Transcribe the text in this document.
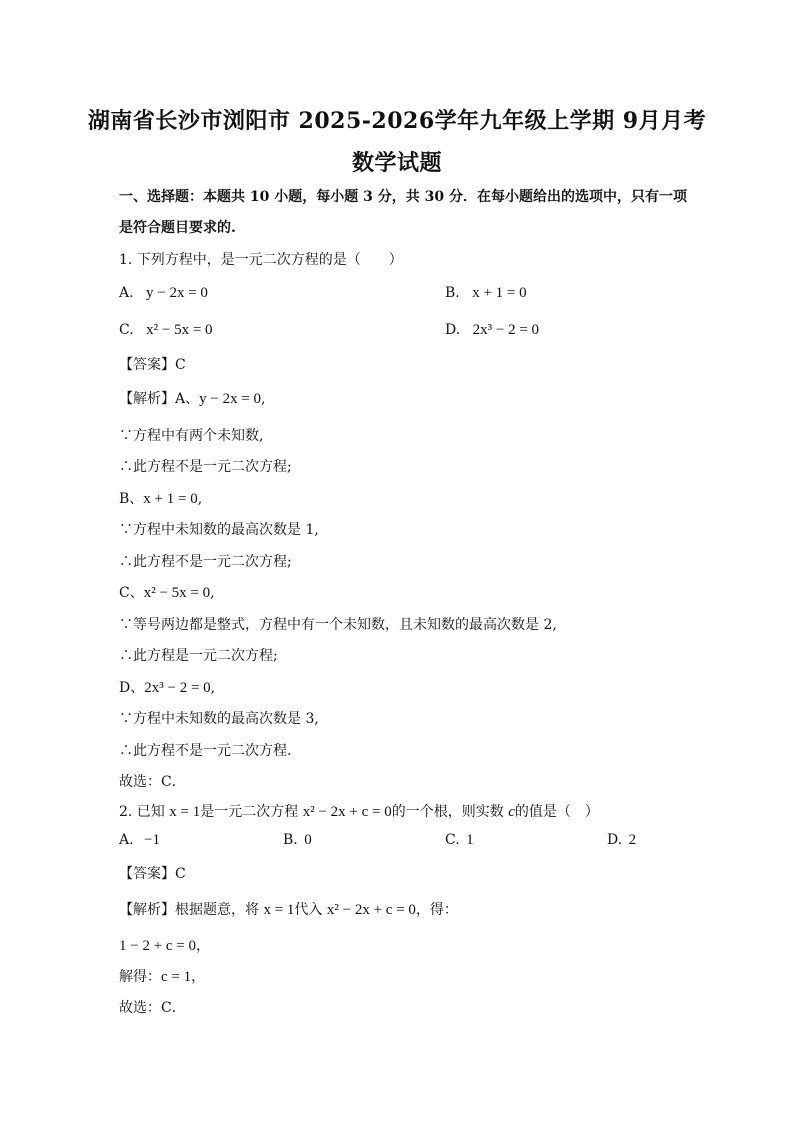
湖南省长沙市浏阳市 2025-2026学年九年级上学期 9月月考
数学试题
一、选择题：本题共 10 小题，每小题 3 分，共 30 分．在每小题给出的选项中，只有一项
是符合题目要求的.
1. 下列方程中，是一元二次方程的是（　　）
A. y − 2x = 0	B. x + 1 = 0
C. x² − 5x = 0	D. 2x³ − 2 = 0
【答案】C
【解析】A、y − 2x = 0,
∵方程中有两个未知数,
∴此方程不是一元二次方程;
B、x + 1 = 0,
∵方程中未知数的最高次数是 1,
∴此方程不是一元二次方程;
C、x² − 5x = 0,
∵等号两边都是整式，方程中有一个未知数，且未知数的最高次数是 2,
∴此方程是一元二次方程;
D、2x³ − 2 = 0,
∵方程中未知数的最高次数是 3,
∴此方程不是一元二次方程.
故选：C．
2. 已知 x = 1是一元二次方程 x² − 2x + c = 0的一个根，则实数 c的值是（　）
A. −1	B. 0	C. 1	D. 2
【答案】C
【解析】根据题意，将 x = 1代入 x² − 2x + c = 0，得：
1 − 2 + c = 0，
解得：c = 1，
故选：C．
